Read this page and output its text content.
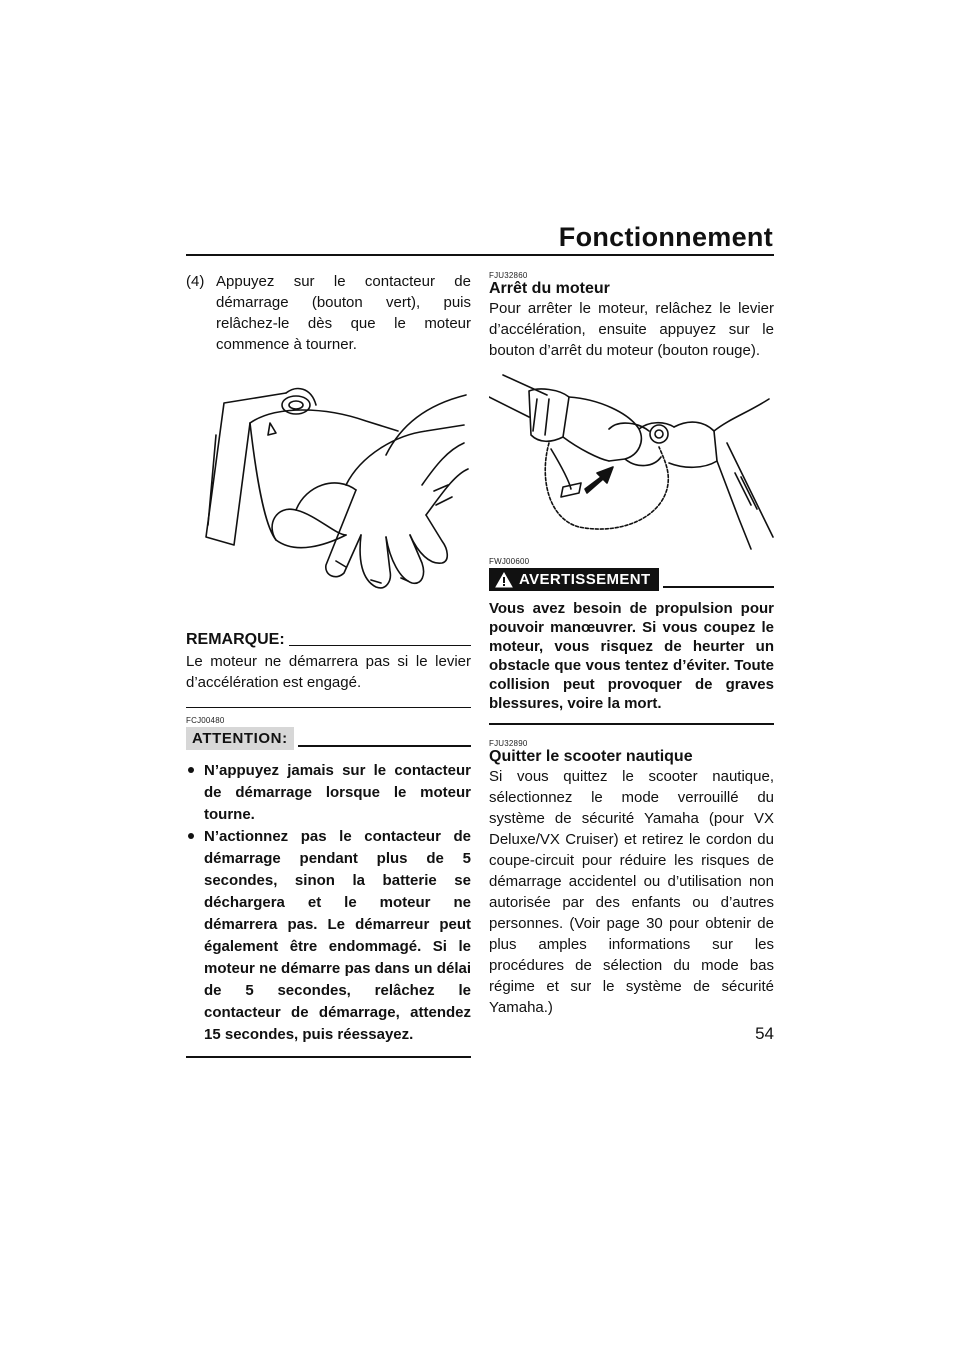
Fonctionnement
(4) Appuyez sur le contacteur de démarrage (bouton vert), puis relâchez-le dès que le moteur commence à tourner.
REMARQUE:

Le moteur ne démarrera pas si le levier d’accélération est engagé.

FCJ00480
ATTENTION:
N’appuyez jamais sur le contacteur de démarrage lorsque le moteur tourne.
N’actionnez pas le contacteur de démarrage pendant plus de 5 secondes, sinon la batterie se déchargera et le moteur ne démarrera pas. Le démarreur peut également être endommagé. Si le moteur ne démarre pas dans un délai de 5 secondes, relâchez le contacteur de démarrage, attendez 15 secondes, puis réessayez.
FJU32860
Arrêt du moteur

Pour arrêter le moteur, relâchez le levier d’accélération, ensuite appuyez sur le bouton d’arrêt du moteur (bouton rouge).

FWJ00600
AVERTISSEMENT

Vous avez besoin de propulsion pour pouvoir manœuvrer. Si vous coupez le moteur, vous risquez de heurter un obstacle que vous tentez d’éviter. Toute collision peut provoquer de graves blessures, voire la mort.

FJU32890
Quitter le scooter nautique

Si vous quittez le scooter nautique, sélectionnez le mode verrouillé du système de sécurité Yamaha (pour VX Deluxe/VX Cruiser) et retirez le cordon du coupe-circuit pour réduire les risques de démarrage accidentel ou d’utilisation non autorisée par des enfants ou d’autres personnes. (Voir page 30 pour obtenir de plus amples informations sur les procédures de sélection du mode bas régime et sur le système de sécurité Yamaha.)

54
